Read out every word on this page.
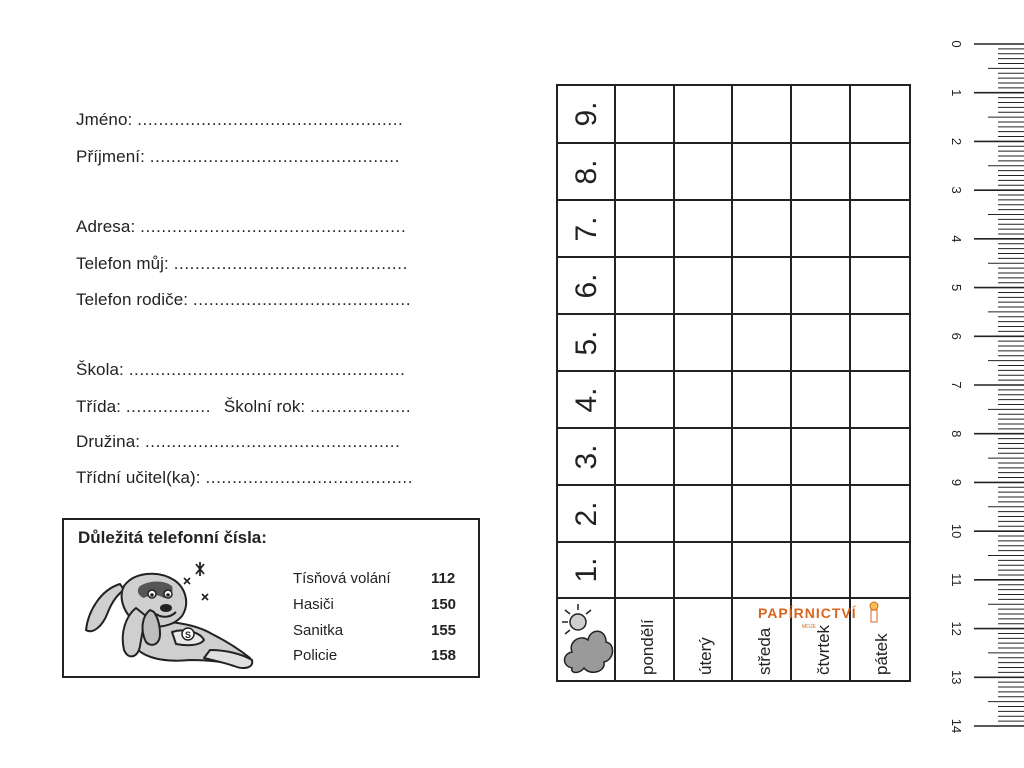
Jméno: ..................................................
Příjmení: ...............................................
Adresa: ..................................................
Telefon můj: ............................................
Telefon rodiče: .........................................
Škola: ....................................................
Třída: ................ Školní rok: ...................
Družina: ................................................
Třídní učitel(ka): .......................................
Důležitá telefonní čísla:
S
Tísňová volání	112
Hasiči	150
Sanitka	155
Policie	158
9.
8.
7.
6.
5.
4.
3.
2.
1.
pondělí úterý středa čtvrtek pátek
PAPÍRNICTVÍ
MOJE
0
1
2
3
4
5
6
7
8
9
10
11
12
13
14
